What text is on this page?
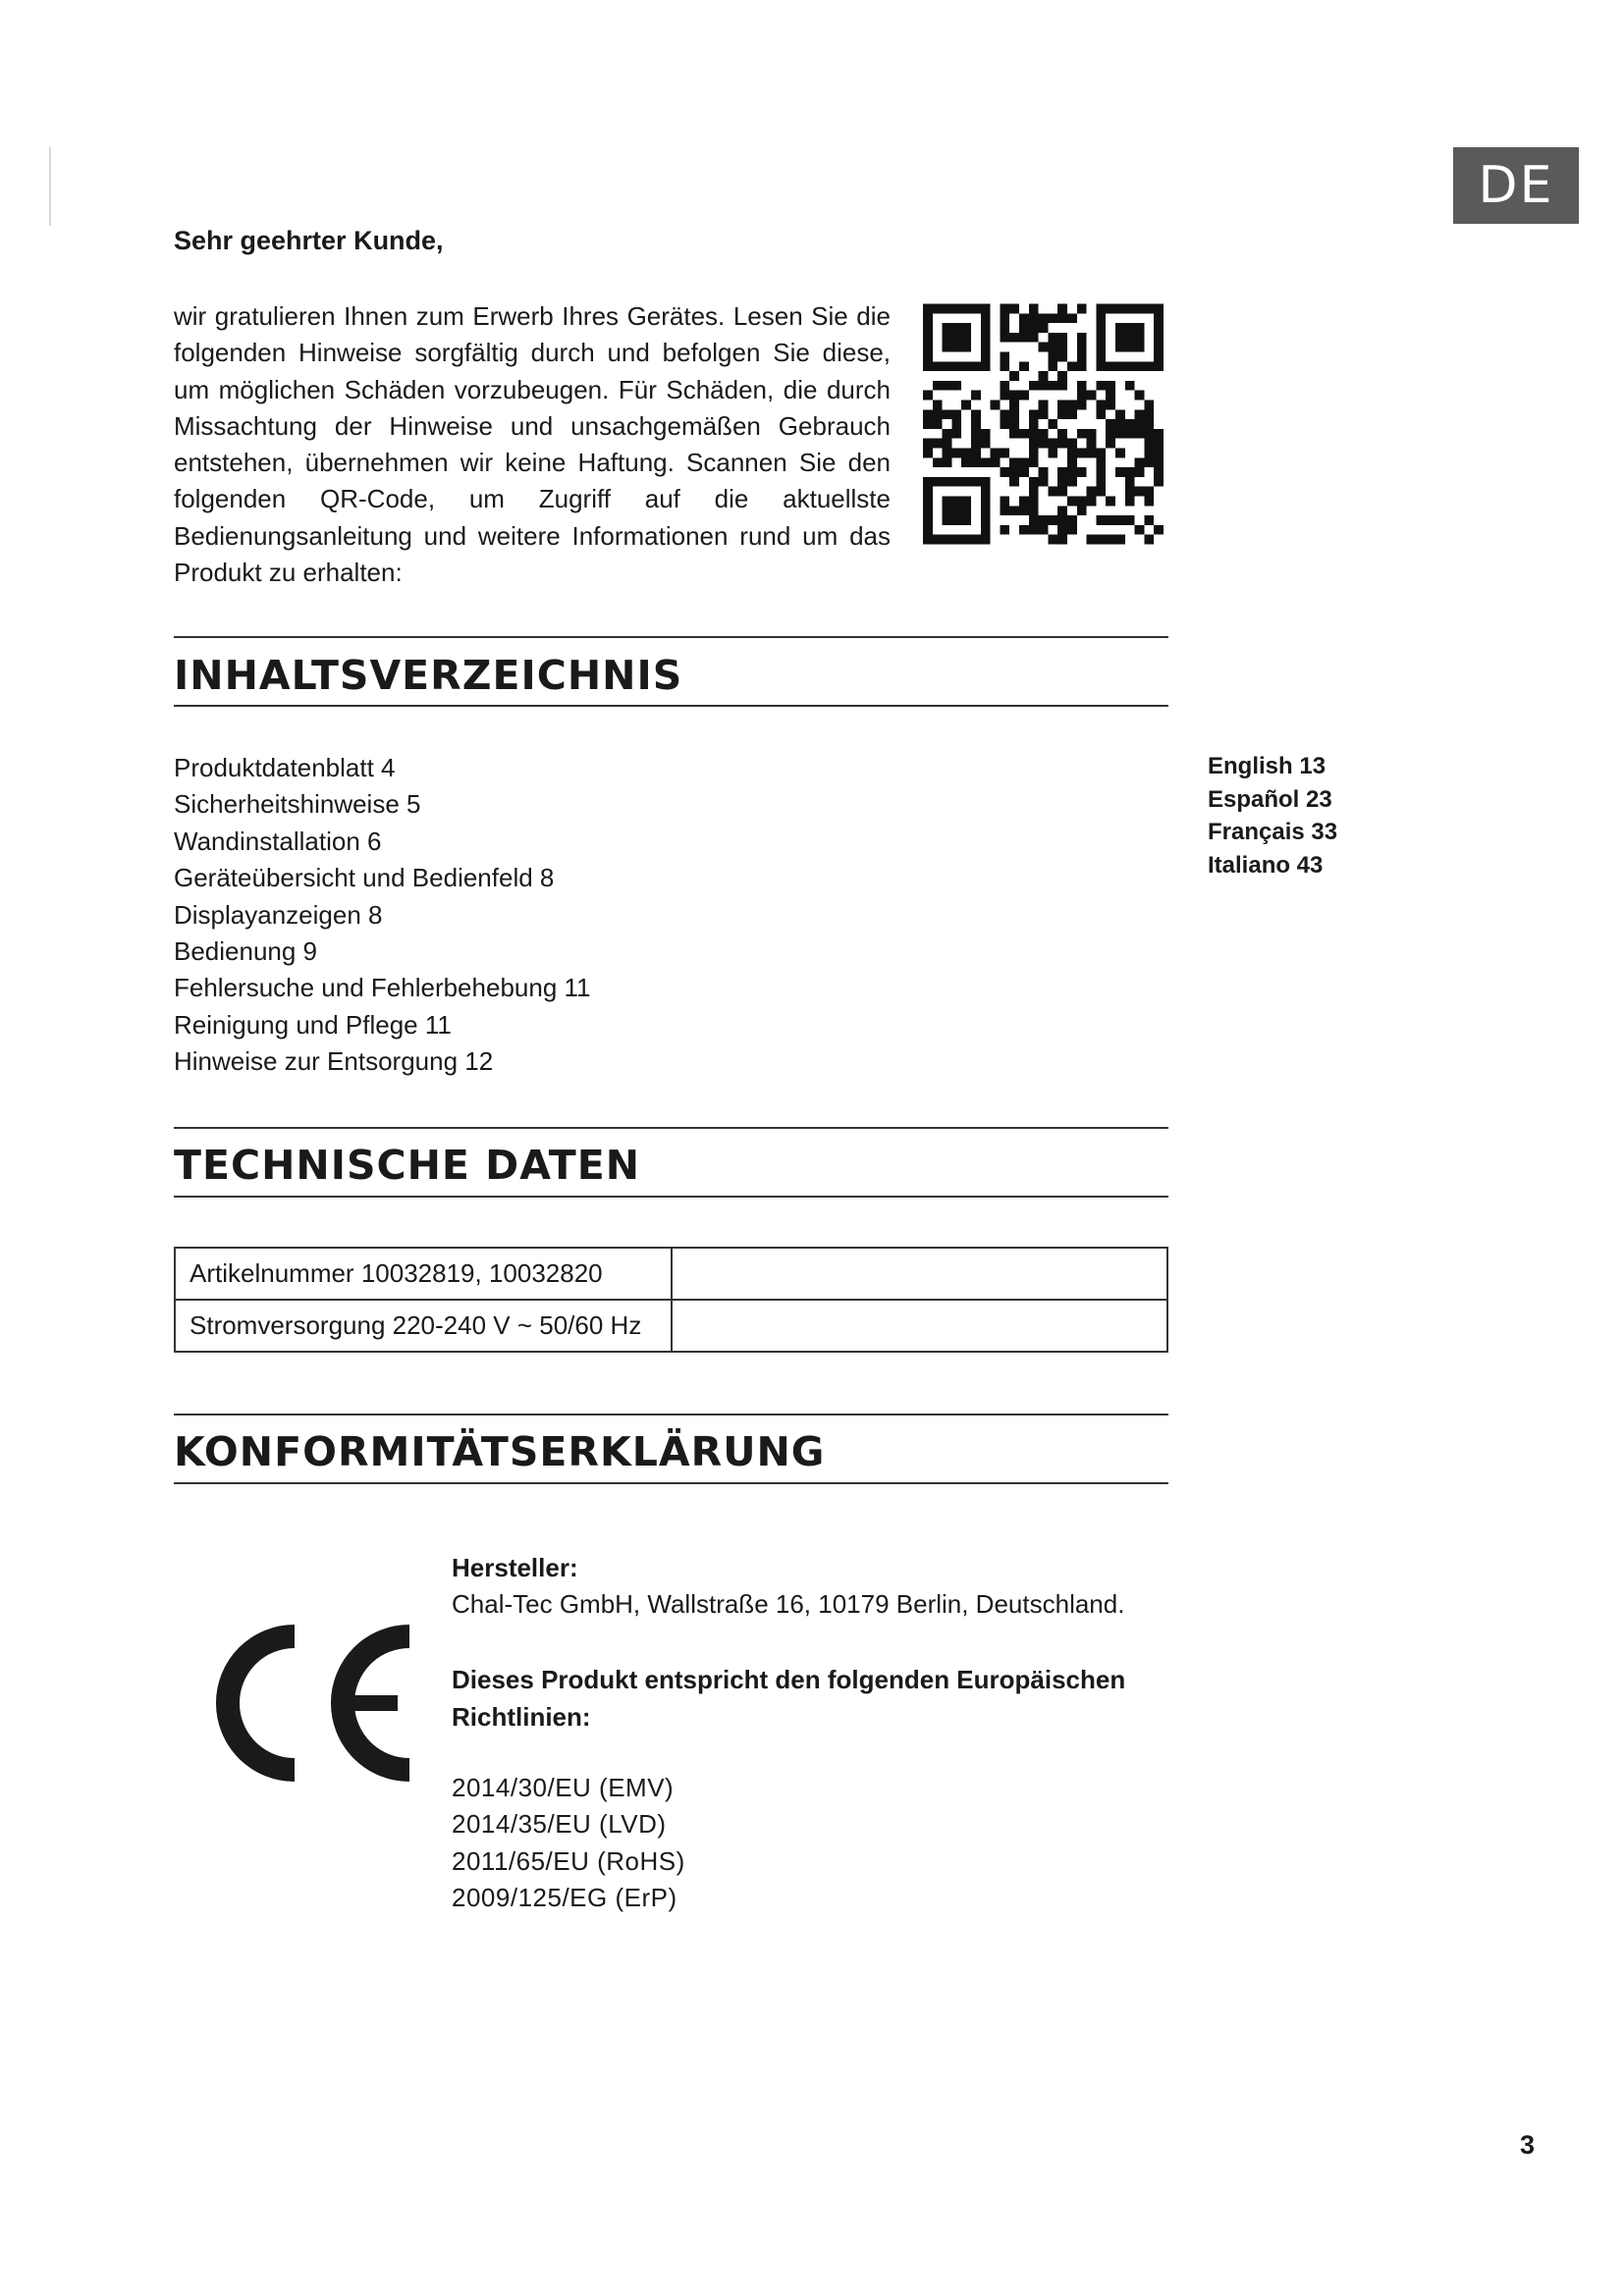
DE
Sehr geehrter Kunde,

wir gratulieren Ihnen zum Erwerb Ihres Gerätes. Lesen Sie die folgenden Hinweise sorgfältig durch und befolgen Sie diese, um möglichen Schäden vorzubeugen. Für Schäden, die durch Missachtung der Hinweise und unsachgemäßen Gebrauch entstehen, übernehmen wir keine Haftung. Scannen Sie den folgenden QR-Code, um Zugriff auf die aktuellste Bedienungsanleitung und weitere Informationen rund um das Produkt zu erhalten:

INHALTSVERZEICHNIS
Produktdatenblatt 4
Sicherheitshinweise 5
Wandinstallation 6
Geräteübersicht und Bedienfeld 8
Displayanzeigen 8
Bedienung 9
Fehlersuche und Fehlerbehebung 11
Reinigung und Pflege 11
Hinweise zur Entsorgung 12
English 13
Español 23
Français 33
Italiano 43
TECHNISCHE DATEN
Artikelnummer 10032819, 10032820	
Stromversorgung 220-240 V ~ 50/60 Hz	
KONFORMITÄTSERKLÄRUNG
Hersteller:
Chal-Tec GmbH, Wallstraße 16, 10179 Berlin, Deutschland.
Dieses Produkt entspricht den folgenden Europäischen Richtlinien:
2014/30/EU (EMV)
2014/35/EU (LVD)
2011/65/EU (RoHS)
2009/125/EG (ErP)
3
